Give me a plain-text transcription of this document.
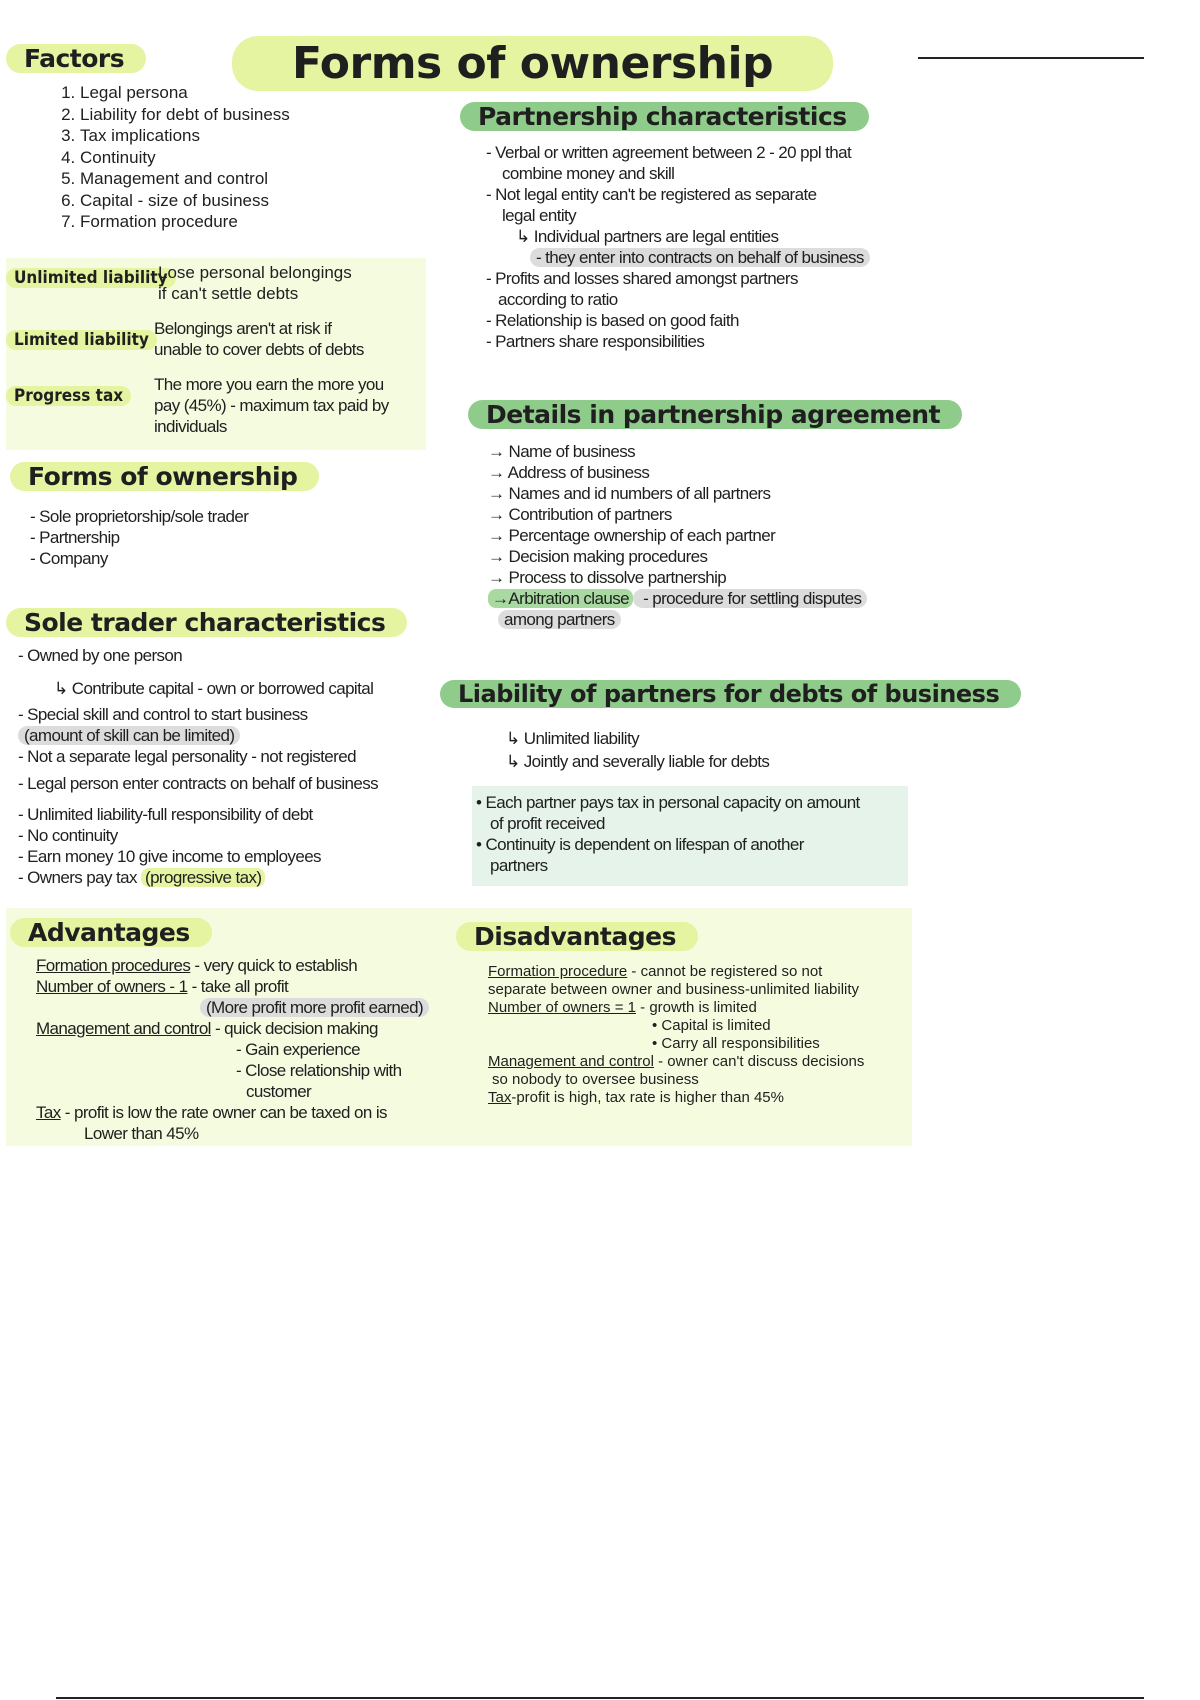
Forms of ownership
Factors
1. Legal persona
2. Liability for debt of business
3. Tax implications
4. Continuity
5. Management and control
6. Capital - size of business
7. Formation procedure
Unlimited liability
Lose personal belongings
if can't settle debts
Limited liability
Belongings aren't at risk if
unable to cover debts of debts
Progress tax
The more you earn the more you
pay (45%) - maximum tax paid by
individuals
Forms of ownership
- Sole proprietorship/sole trader
- Partnership
- Company
Sole trader characteristics
- Owned by one person
↳ Contribute capital - own or borrowed capital
- Special skill and control to start business
(amount of skill can be limited)
- Not a separate legal personality - not registered
- Legal person enter contracts on behalf of business
- Unlimited liability-full responsibility of debt
- No continuity
- Earn money 10 give income to employees
- Owners pay tax (progressive tax)
Advantages
Formation procedures - very quick to establish
Number of owners - 1 - take all profit
(More profit more profit earned)
Management and control - quick decision making
- Gain experience
- Close relationship with
customer
Tax - profit is low the rate owner can be taxed on is
Lower than 45%
Partnership characteristics
- Verbal or written agreement between 2 - 20 ppl that
combine money and skill
- Not legal entity can't be registered as separate
legal entity
↳ Individual partners are legal entities
- they enter into contracts on behalf of business
- Profits and losses shared amongst partners
according to ratio
- Relationship is based on good faith
- Partners share responsibilities
Details in partnership agreement
→ Name of business
→ Address of business
→ Names and id numbers of all partners
→ Contribution of partners
→ Percentage ownership of each partner
→ Decision making procedures
→ Process to dissolve partnership
→Arbitration clause - procedure for settling disputes
among partners
Liability of partners for debts of business
↳ Unlimited liability
↳ Jointly and severally liable for debts
• Each partner pays tax in personal capacity on amount
of profit received
• Continuity is dependent on lifespan of another
partners
Disadvantages
Formation procedure - cannot be registered so not
separate between owner and business-unlimited liability
Number of owners = 1 - growth is limited
• Capital is limited
• Carry all responsibilities
Management and control - owner can't discuss decisions
so nobody to oversee business
Tax-profit is high, tax rate is higher than 45%
